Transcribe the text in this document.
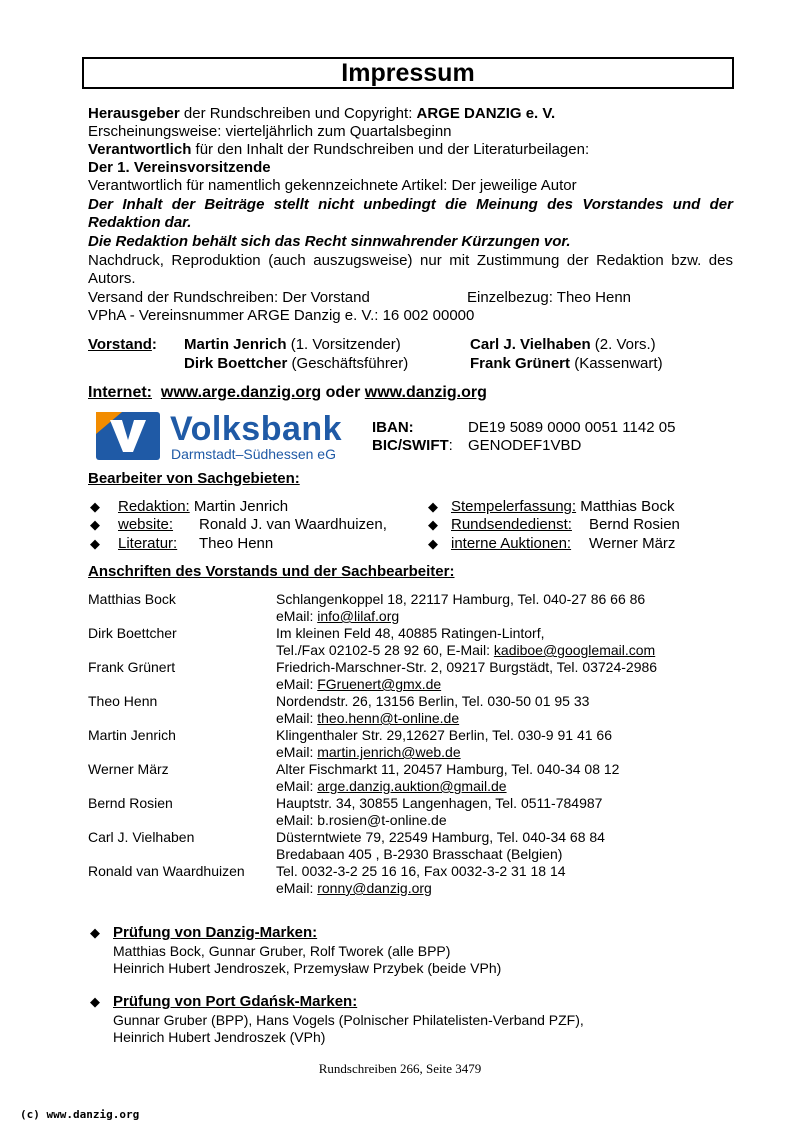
Impressum
Herausgeber der Rundschreiben und Copyright: ARGE DANZIG e. V.
Erscheinungsweise: vierteljährlich zum Quartalsbeginn
Verantwortlich für den Inhalt der Rundschreiben und der Literaturbeilagen:
Der 1. Vereinsvorsitzende
Verantwortlich für namentlich gekennzeichnete Artikel: Der jeweilige Autor
Der Inhalt der Beiträge stellt nicht unbedingt die Meinung des Vorstandes und der Redaktion dar.
Die Redaktion behält sich das Recht sinnwahrender Kürzungen vor.
Nachdruck, Reproduktion (auch auszugsweise) nur mit Zustimmung der Redaktion bzw. des Autors.
Versand der Rundschreiben: Der Vorstand	Einzelbezug: Theo Henn
VPhA - Vereinsnummer ARGE Danzig e. V.: 16 002 00000
Vorstand: Martin Jenrich (1. Vorsitzender)	Carl J. Vielhaben (2. Vors.)
Dirk Boettcher (Geschäftsführer)	Frank Grünert (Kassenwart)
Internet: www.arge.danzig.org oder www.danzig.org
Volksbank
Darmstadt–Südhessen eG
IBAN:	DE19 5089 0000 0051 1142 05
BIC/SWIFT: GENODEF1VBD
Bearbeiter von Sachgebieten:
◆ Redaktion: Martin Jenrich
◆ website: Ronald J. van Waardhuizen,
◆ Literatur: Theo Henn
◆ Stempelerfassung: Matthias Bock
◆ Rundsendedienst: Bernd Rosien
◆ interne Auktionen: Werner März
Anschriften des Vorstands und der Sachbearbeiter:
Matthias Bock	Schlangenkoppel 18, 22117 Hamburg, Tel. 040-27 86 66 86
eMail: info@lilaf.org
Dirk Boettcher	Im kleinen Feld 48, 40885 Ratingen-Lintorf,
Tel./Fax 02102-5 28 92 60, E-Mail: kadiboe@googlemail.com
Frank Grünert	Friedrich-Marschner-Str. 2, 09217 Burgstädt, Tel. 03724-2986
eMail: FGruenert@gmx.de
Theo Henn	Nordendstr. 26, 13156 Berlin, Tel. 030-50 01 95 33
eMail: theo.henn@t-online.de
Martin Jenrich	Klingenthaler Str. 29,12627 Berlin, Tel. 030-9 91 41 66
eMail: martin.jenrich@web.de
Werner März	Alter Fischmarkt 11, 20457 Hamburg, Tel. 040-34 08 12
eMail: arge.danzig.auktion@gmail.de
Bernd Rosien	Hauptstr. 34, 30855 Langenhagen, Tel. 0511-784987
eMail: b.rosien@t-online.de
Carl J. Vielhaben	Düsterntwiete 79, 22549 Hamburg, Tel. 040-34 68 84
Bredabaan 405 , B-2930 Brasschaat (Belgien)
Ronald van Waardhuizen Tel. 0032-3-2 25 16 16, Fax 0032-3-2 31 18 14
eMail: ronny@danzig.org
◆ Prüfung von Danzig-Marken:
Matthias Bock, Gunnar Gruber, Rolf Tworek (alle BPP)
Heinrich Hubert Jendroszek, Przemysław Przybek (beide VPh)
◆ Prüfung von Port Gdańsk-Marken:
Gunnar Gruber (BPP), Hans Vogels (Polnischer Philatelisten-Verband PZF),
Heinrich Hubert Jendroszek (VPh)
Rundschreiben 266, Seite 3479
(c) www.danzig.org
